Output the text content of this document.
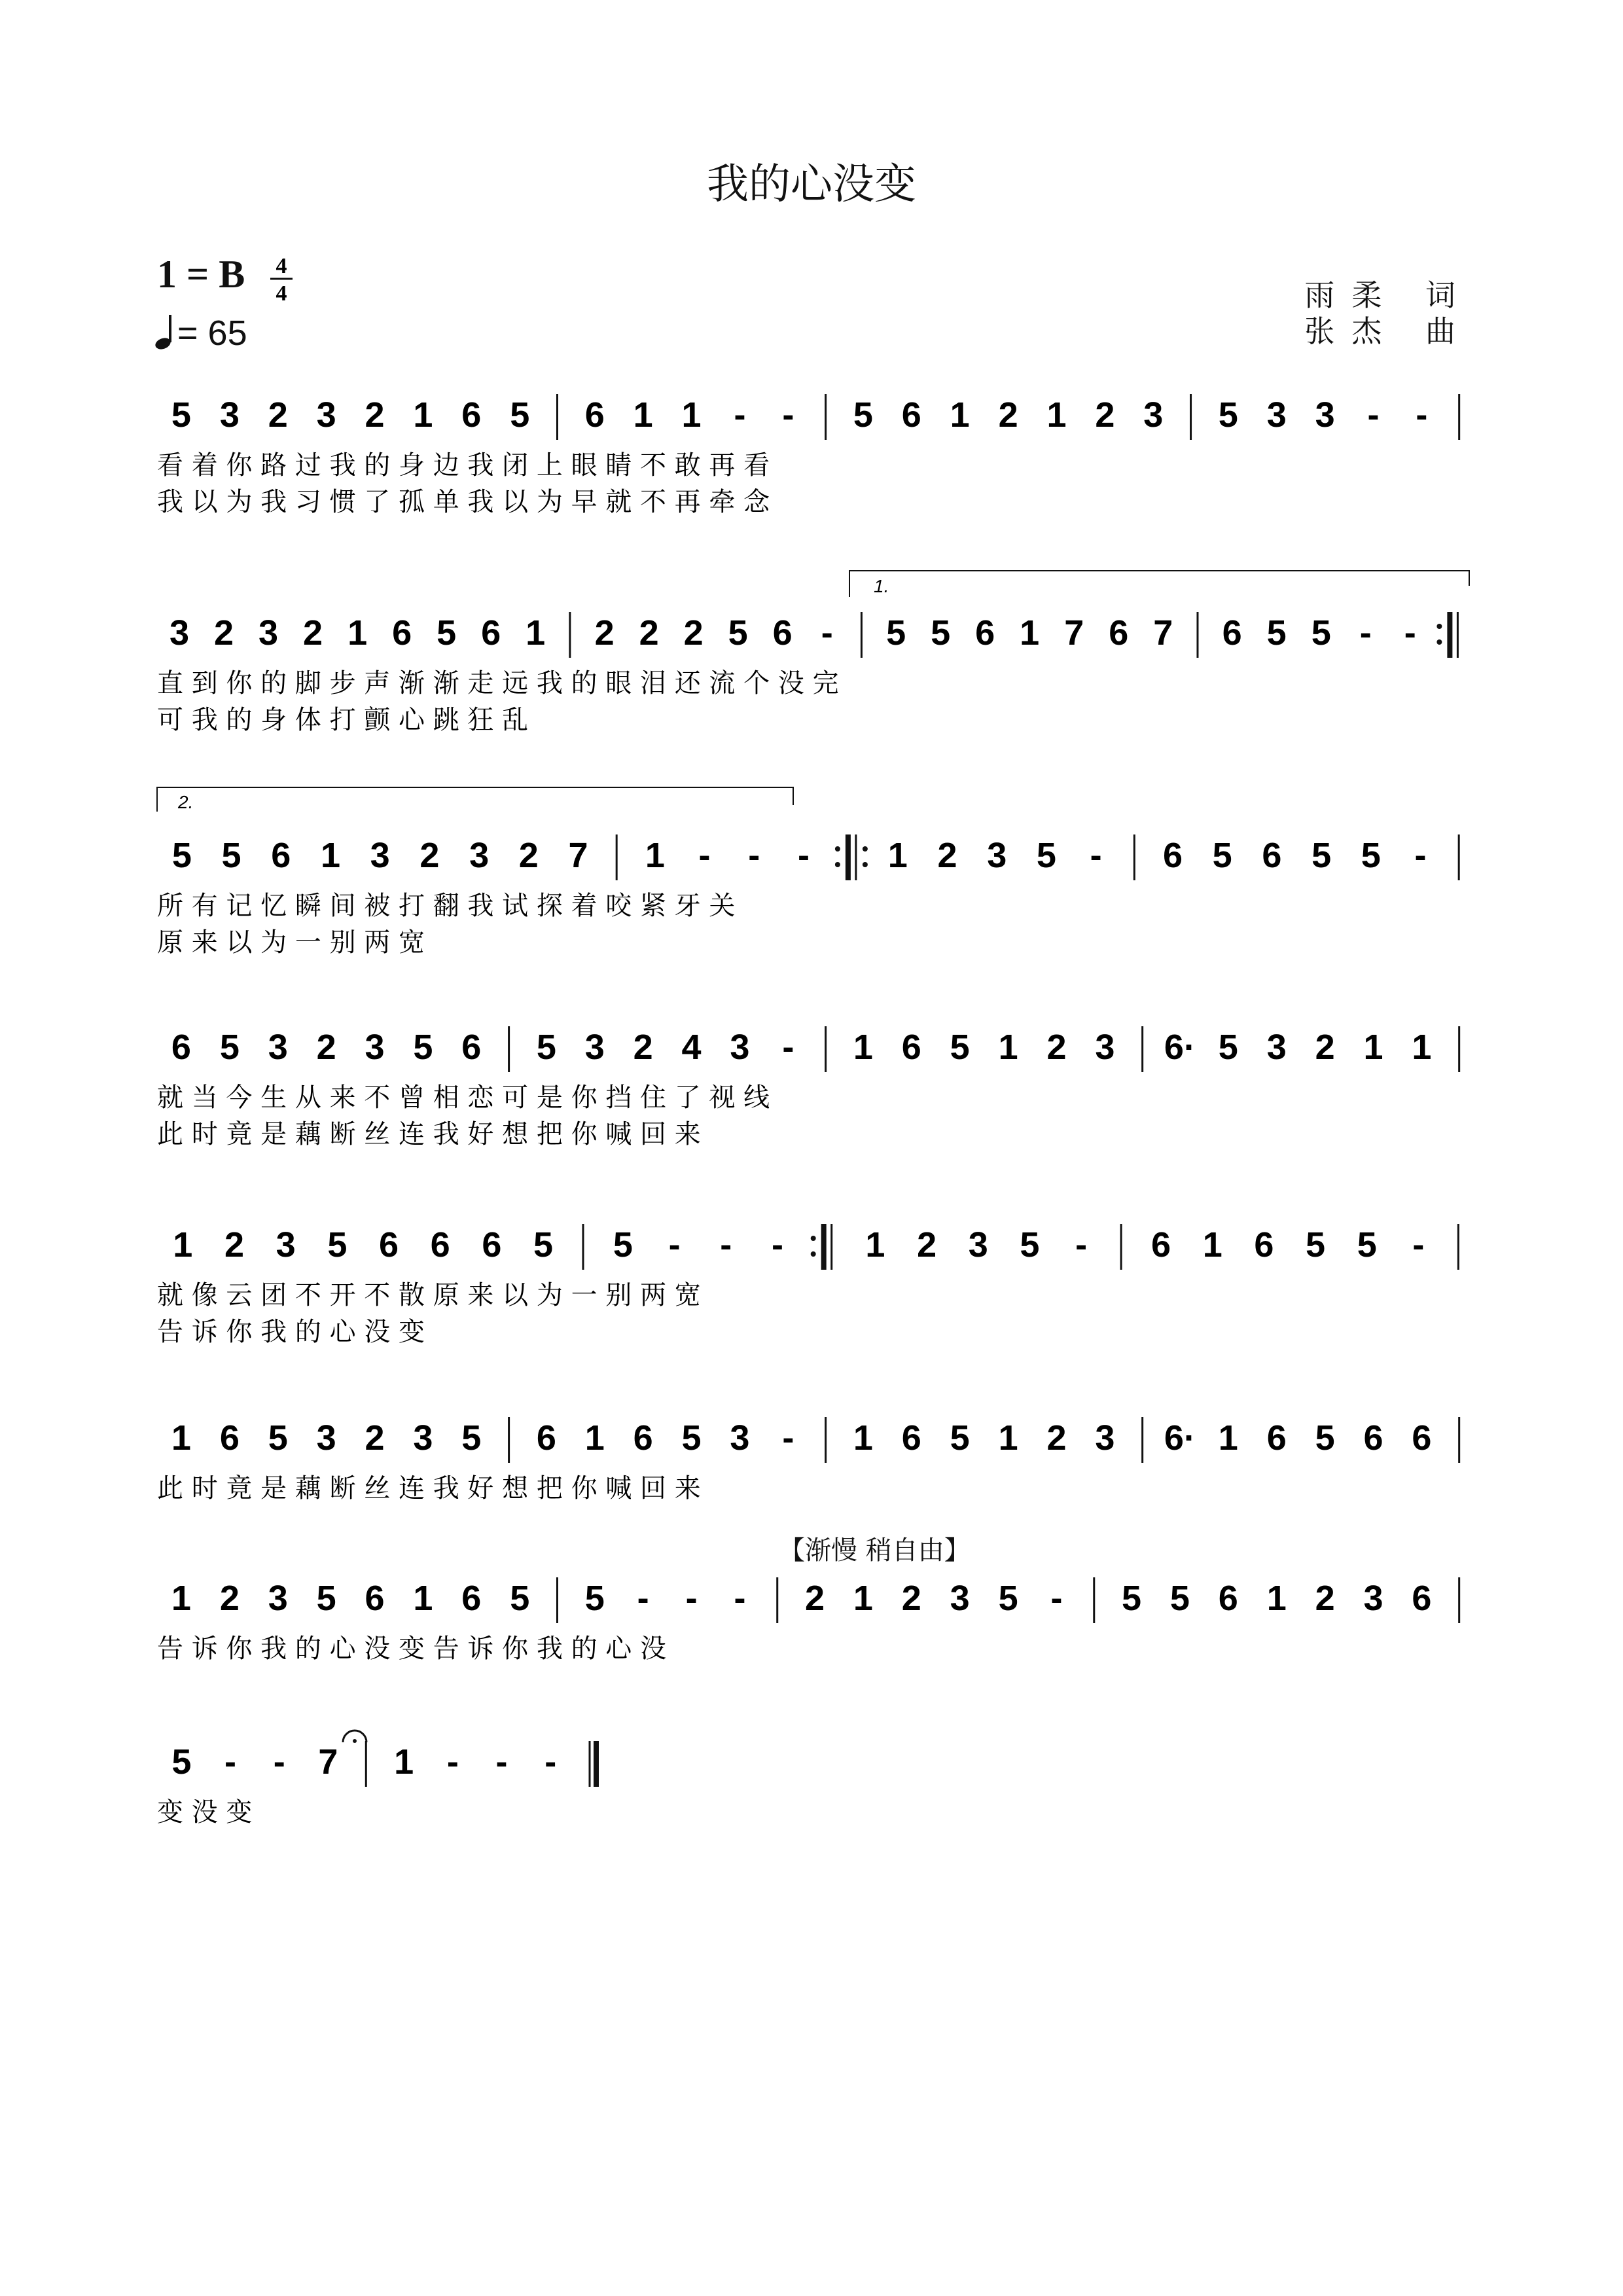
我的心没变
1 = B 4
4
= 65
雨柔 词
张杰 曲
【渐慢 稍自由】
5 3 2 3 2 1 6 5 6 1 1 - - 5 6 1 2 1 2 3 5 3 3 - -
看 着 你 路 过 我 的 身 边 我 闭 上 眼 睛 不 敢 再 看
我 以 为 我 习 惯 了 孤 单 我 以 为 早 就 不 再 牵 念
3 2 3 2 1 6 5 6 1 2 2 2 5 6 - 5 5 6 1 7 6 7 6 5 5 - -
直 到 你 的 脚 步 声 渐 渐 走 远 我 的 眼 泪 还 流 个 没 完
可 我 的 身 体 打 颤 心 跳 狂 乱
5 5 6 1 3 2 3 2 7 1 - - - 1 2 3 5 - 6 5 6 5 5 -
所 有 记 忆 瞬 间 被 打 翻 我 试 探 着 咬 紧 牙 关
原 来 以 为 一 别 两 宽
6 5 3 2 3 5 6 5 3 2 4 3 - 1 6 5 1 2 3 6· 5 3 2 1 1
就 当 今 生 从 来 不 曾 相 恋 可 是 你 挡 住 了 视 线
此 时 竟 是 藕 断 丝 连 我 好 想 把 你 喊 回 来
1 2 3 5 6 6 6 5 5 - - - 1 2 3 5 - 6 1 6 5 5 -
就 像 云 团 不 开 不 散 原 来 以 为 一 别 两 宽
告 诉 你 我 的 心 没 变
1 6 5 3 2 3 5 6 1 6 5 3 - 1 6 5 1 2 3 6· 1 6 5 6 6
此 时 竟 是 藕 断 丝 连 我 好 想 把 你 喊 回 来
1 2 3 5 6 1 6 5 5 - - - 2 1 2 3 5 - 5 5 6 1 2 3 6
告 诉 你 我 的 心 没 变 告 诉 你 我 的 心 没
5 - - 7 1 - - -
变 没 变
1.
2.
